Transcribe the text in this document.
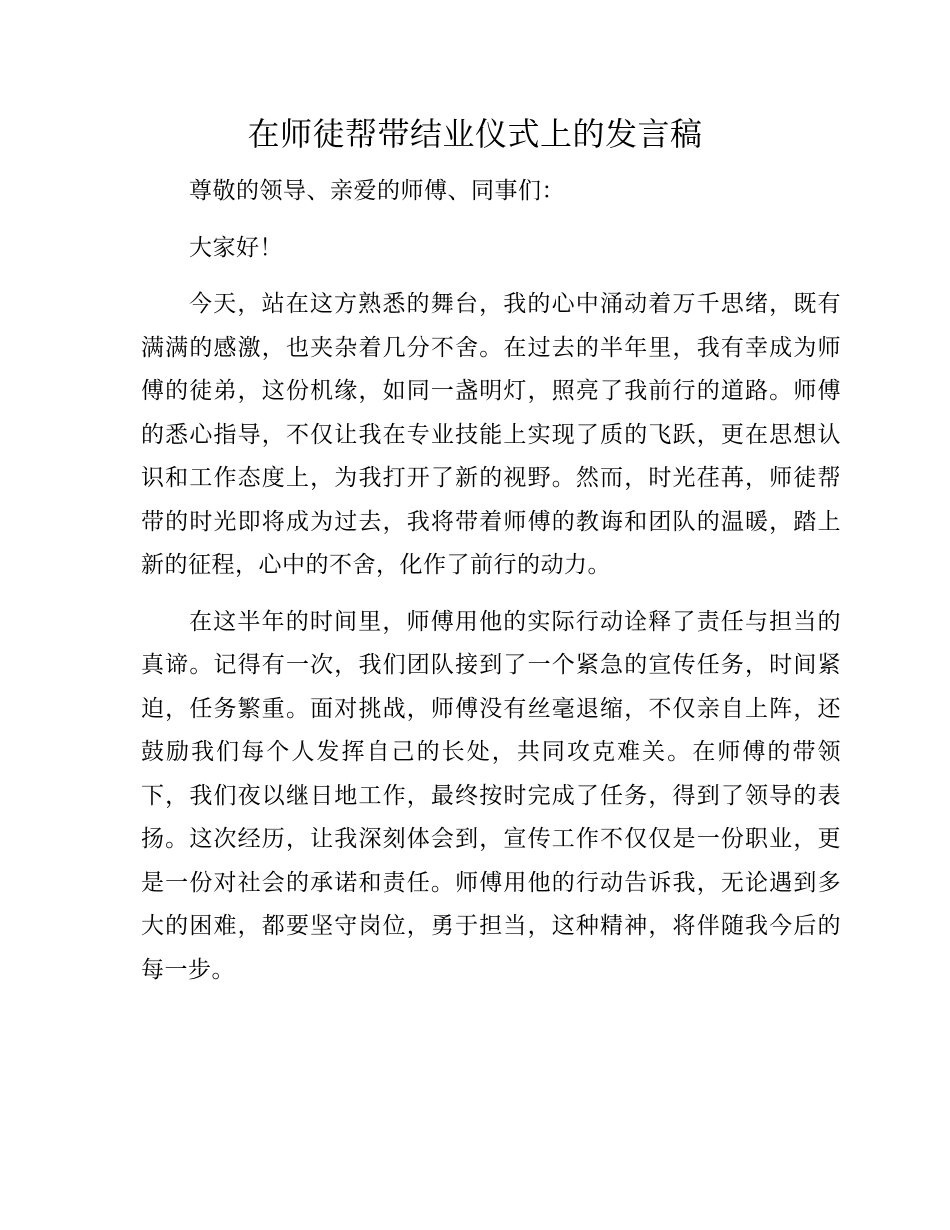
在师徒帮带结业仪式上的发言稿

尊敬的领导、亲爱的师傅、同事们：

大家好！

今天，站在这方熟悉的舞台，我的心中涌动着万千思绪，既有满满的感激，也夹杂着几分不舍。在过去的半年里，我有幸成为师傅的徒弟，这份机缘，如同一盏明灯，照亮了我前行的道路。师傅的悉心指导，不仅让我在专业技能上实现了质的飞跃，更在思想认识和工作态度上，为我打开了新的视野。然而，时光荏苒，师徒帮带的时光即将成为过去，我将带着师傅的教诲和团队的温暖，踏上新的征程，心中的不舍，化作了前行的动力。

在这半年的时间里，师傅用他的实际行动诠释了责任与担当的真谛。记得有一次，我们团队接到了一个紧急的宣传任务，时间紧迫，任务繁重。面对挑战，师傅没有丝毫退缩，不仅亲自上阵，还鼓励我们每个人发挥自己的长处，共同攻克难关。在师傅的带领下，我们夜以继日地工作，最终按时完成了任务，得到了领导的表扬。这次经历，让我深刻体会到，宣传工作不仅仅是一份职业，更是一份对社会的承诺和责任。师傅用他的行动告诉我，无论遇到多大的困难，都要坚守岗位，勇于担当，这种精神，将伴随我今后的每一步。
